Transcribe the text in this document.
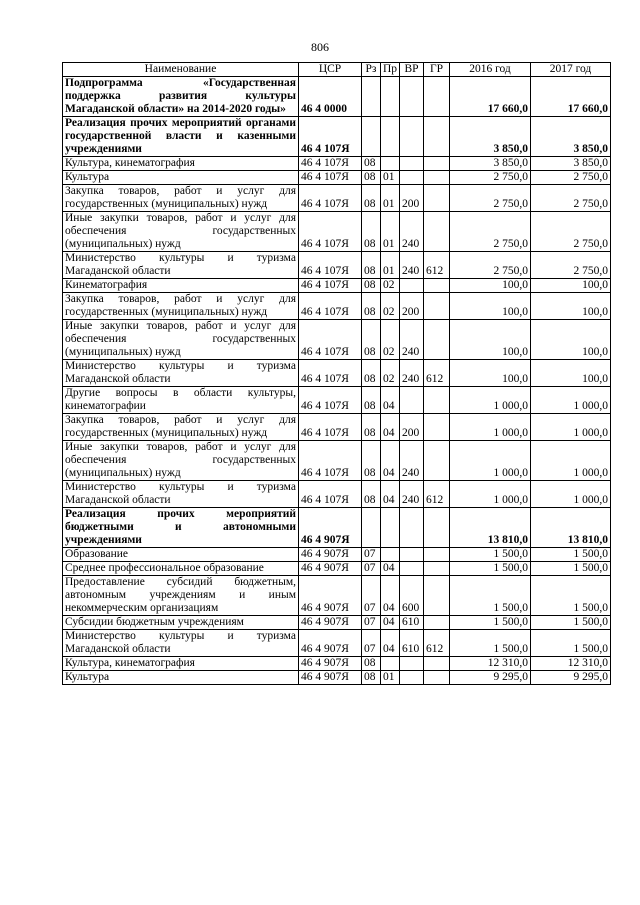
806
Наименование	ЦСР	Рз	Пр	ВР	ГР	2016 год	2017 год
Подпрограмма «Государственная поддержка развития культуры Магаданской области» на 2014-2020 годы»	46 4 0000					17 660,0	17 660,0
Реализация прочих мероприятий органами государственной власти и казенными учреждениями	46 4 107Я					3 850,0	3 850,0
Культура, кинематография	46 4 107Я	08				3 850,0	3 850,0
Культура	46 4 107Я	08	01			2 750,0	2 750,0
Закупка товаров, работ и услуг для государственных (муниципальных) нужд	46 4 107Я	08	01	200		2 750,0	2 750,0
Иные закупки товаров, работ и услуг для обеспечения государственных (муниципальных) нужд	46 4 107Я	08	01	240		2 750,0	2 750,0
Министерство культуры и туризма Магаданской области	46 4 107Я	08	01	240	612	2 750,0	2 750,0
Кинематография	46 4 107Я	08	02			100,0	100,0
Закупка товаров, работ и услуг для государственных (муниципальных) нужд	46 4 107Я	08	02	200		100,0	100,0
Иные закупки товаров, работ и услуг для обеспечения государственных (муниципальных) нужд	46 4 107Я	08	02	240		100,0	100,0
Министерство культуры и туризма Магаданской области	46 4 107Я	08	02	240	612	100,0	100,0
Другие вопросы в области культуры, кинематографии	46 4 107Я	08	04			1 000,0	1 000,0
Закупка товаров, работ и услуг для государственных (муниципальных) нужд	46 4 107Я	08	04	200		1 000,0	1 000,0
Иные закупки товаров, работ и услуг для обеспечения государственных (муниципальных) нужд	46 4 107Я	08	04	240		1 000,0	1 000,0
Министерство культуры и туризма Магаданской области	46 4 107Я	08	04	240	612	1 000,0	1 000,0
Реализация прочих мероприятий бюджетными и автономными учреждениями	46 4 907Я					13 810,0	13 810,0
Образование	46 4 907Я	07				1 500,0	1 500,0
Среднее профессиональное образование	46 4 907Я	07	04			1 500,0	1 500,0
Предоставление субсидий бюджетным, автономным учреждениям и иным некоммерческим организациям	46 4 907Я	07	04	600		1 500,0	1 500,0
Субсидии бюджетным учреждениям	46 4 907Я	07	04	610		1 500,0	1 500,0
Министерство культуры и туризма Магаданской области	46 4 907Я	07	04	610	612	1 500,0	1 500,0
Культура, кинематография	46 4 907Я	08				12 310,0	12 310,0
Культура	46 4 907Я	08	01			9 295,0	9 295,0
